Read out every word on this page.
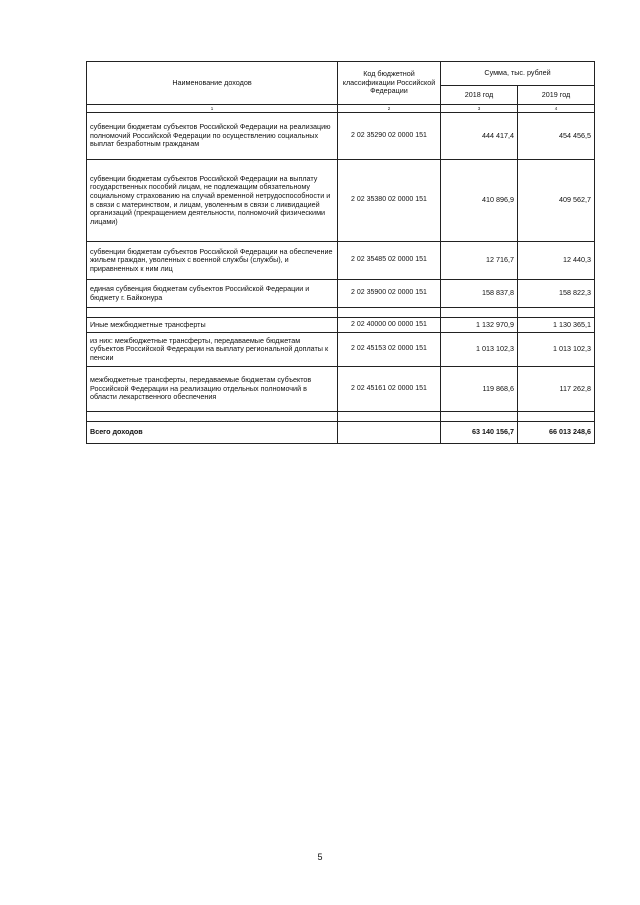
Наименование доходов	Код бюджетной классификации Российской Федерации	Сумма, тыс. рублей	
		2018 год	2019 год
1	2	3	4
субвенции бюджетам субъектов Российской Федерации на реализацию полномочий Российской Федерации по осуществлению социальных выплат безработным гражданам	2 02 35290 02 0000 151	444 417,4	454 456,5
субвенции бюджетам субъектов Российской Федерации на выплату государственных пособий лицам, не подлежащим обязательному социальному страхованию на случай временной нетрудоспособности и в связи с материнством, и лицам, уволенным в связи с ликвидацией организаций (прекращением деятельности, полномочий физическими лицами)	2 02 35380 02 0000 151	410 896,9	409 562,7
субвенции бюджетам субъектов Российской Федерации на обеспечение жильем граждан, уволенных с военной службы (службы), и приравненных к ним лиц	2 02 35485 02 0000 151	12 716,7	12 440,3
единая субвенция бюджетам субъектов Российской Федерации и бюджету г. Байконура	2 02 35900 02 0000 151	158 837,8	158 822,3

Иные межбюджетные трансферты	2 02 40000 00 0000 151	1 132 970,9	1 130 365,1
из них: межбюджетные трансферты, передаваемые бюджетам субъектов Российской Федерации на выплату региональной доплаты к пенсии	2 02 45153 02 0000 151	1 013 102,3	1 013 102,3
межбюджетные трансферты, передаваемые бюджетам субъектов Российской Федерации на реализацию отдельных полномочий в области лекарственного обеспечения	2 02 45161 02 0000 151	119 868,6	117 262,8

Всего доходов		63 140 156,7	66 013 248,6
5
